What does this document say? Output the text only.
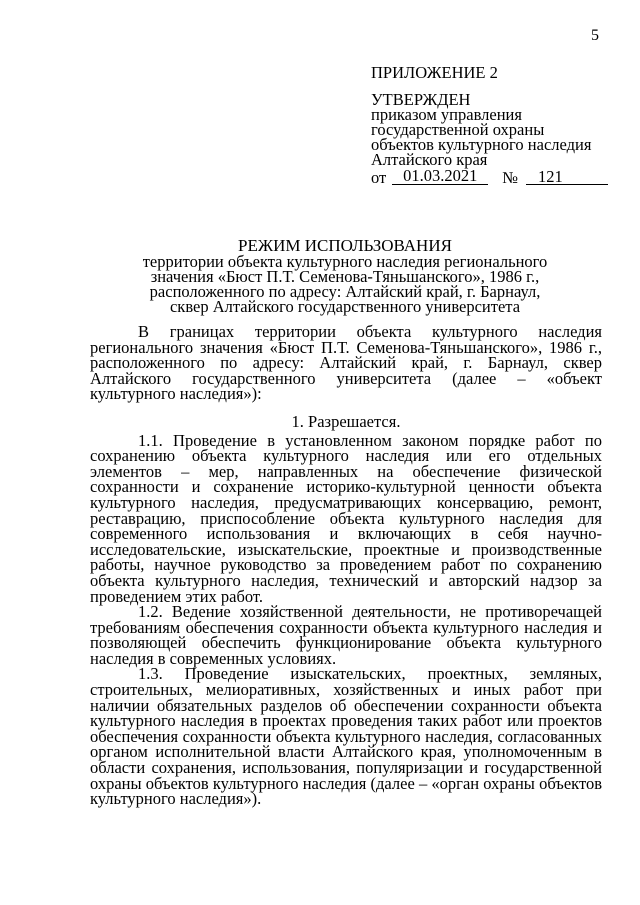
5
ПРИЛОЖЕНИЕ 2
УТВЕРЖДЕН
приказом управления
государственной охраны
объектов культурного наследия
Алтайского края
от	01.03.2021	№	121
РЕЖИМ ИСПОЛЬЗОВАНИЯ
территории объекта культурного наследия регионального
значения «Бюст П.Т. Семенова-Тяньшанского», 1986 г.,
расположенного по адресу: Алтайский край, г. Барнаул,
сквер Алтайского государственного университета

В границах территории объекта культурного наследия регионального значения «Бюст П.Т. Семенова-Тяньшанского», 1986 г., расположенного по адресу: Алтайский край, г. Барнаул, сквер Алтайского государственного университета (далее – «объект культурного наследия»):

1. Разрешается.

1.1. Проведение в установленном законом порядке работ по сохранению объекта культурного наследия или его отдельных элементов – мер, направленных на обеспечение физической сохранности и сохранение историко-культурной ценности объекта культурного наследия, предусматривающих консервацию, ремонт, реставрацию, приспособление объекта культурного наследия для современного использования и включающих в себя научно-исследовательские, изыскательские, проектные и производственные работы, научное руководство за проведением работ по сохранению объекта культурного наследия, технический и авторский надзор за проведением этих работ.

1.2. Ведение хозяйственной деятельности, не противоречащей требованиям обеспечения сохранности объекта культурного наследия и позволяющей обеспечить функционирование объекта культурного наследия в современных условиях.

1.3. Проведение изыскательских, проектных, земляных, строительных, мелиоративных, хозяйственных и иных работ при наличии обязательных разделов об обеспечении сохранности объекта культурного наследия в проектах проведения таких работ или проектов обеспечения сохранности объекта культурного наследия, согласованных органом исполнительной власти Алтайского края, уполномоченным в области сохранения, использования, популяризации и государственной охраны объектов культурного наследия (далее – «орган охраны объектов культурного наследия»).
